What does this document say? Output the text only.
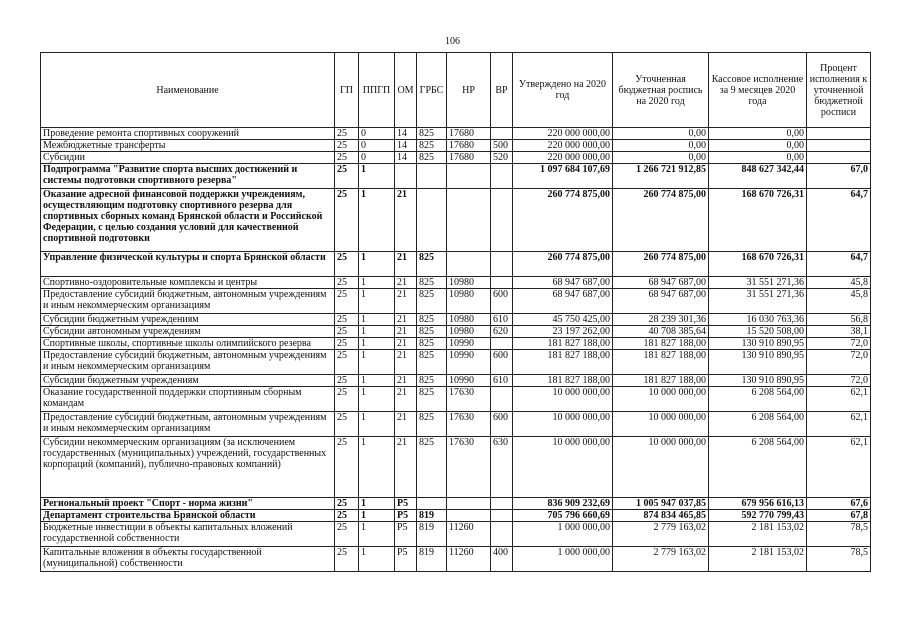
106
Наименование	ГП	ППГП	ОМ	ГРБС	НР	ВР	Утверждено на 2020 год	Уточненная бюджетная роспись на 2020 год	Кассовое исполнение за 9 месяцев 2020 года	Процент исполнения к уточненной бюджетной росписи
Проведение ремонта спортивных сооружений	25	0	14	825	17680		220 000 000,00	0,00	0,00	
Межбюджетные трансферты	25	0	14	825	17680	500	220 000 000,00	0,00	0,00	
Субсидии	25	0	14	825	17680	520	220 000 000,00	0,00	0,00	
Подпрограмма "Развитие спорта высших достижений и системы подготовки спортивного резерва"	25	1					1 097 684 107,69	1 266 721 912,85	848 627 342,44	67,0
Оказание адресной финансовой поддержки учреждениям, осуществляющим подготовку спортивного резерва для спортивных сборных команд Брянской области и Российской Федерации, с целью создания условий для качественной спортивной подготовки	25	1	21				260 774 875,00	260 774 875,00	168 670 726,31	64,7
Управление физической культуры и спорта Брянской области	25	1	21	825			260 774 875,00	260 774 875,00	168 670 726,31	64,7
Спортивно-оздоровительные комплексы и центры	25	1	21	825	10980		68 947 687,00	68 947 687,00	31 551 271,36	45,8
Предоставление субсидий бюджетным, автономным учреждениям и иным некоммерческим организациям	25	1	21	825	10980	600	68 947 687,00	68 947 687,00	31 551 271,36	45,8
Субсидии бюджетным учреждениям	25	1	21	825	10980	610	45 750 425,00	28 239 301,36	16 030 763,36	56,8
Субсидии автономным учреждениям	25	1	21	825	10980	620	23 197 262,00	40 708 385,64	15 520 508,00	38,1
Спортивные школы, спортивные школы олимпийского резерва	25	1	21	825	10990		181 827 188,00	181 827 188,00	130 910 890,95	72,0
Предоставление субсидий бюджетным, автономным учреждениям и иным некоммерческим организациям	25	1	21	825	10990	600	181 827 188,00	181 827 188,00	130 910 890,95	72,0
Субсидии бюджетным учреждениям	25	1	21	825	10990	610	181 827 188,00	181 827 188,00	130 910 890,95	72,0
Оказание государственной поддержки спортивным сборным командам	25	1	21	825	17630		10 000 000,00	10 000 000,00	6 208 564,00	62,1
Предоставление субсидий бюджетным, автономным учреждениям и иным некоммерческим организациям	25	1	21	825	17630	600	10 000 000,00	10 000 000,00	6 208 564,00	62,1
Субсидии некоммерческим организациям (за исключением государственных (муниципальных) учреждений, государственных корпораций (компаний), публично-правовых компаний)	25	1	21	825	17630	630	10 000 000,00	10 000 000,00	6 208 564,00	62,1
Региональный проект "Спорт - норма жизни"	25	1	P5				836 909 232,69	1 005 947 037,85	679 956 616,13	67,6
Департамент строительства Брянской области	25	1	P5	819			705 796 660,69	874 834 465,85	592 770 799,43	67,8
Бюджетные инвестиции в объекты капитальных вложений государственной собственности	25	1	P5	819	11260		1 000 000,00	2 779 163,02	2 181 153,02	78,5
Капитальные вложения в объекты государственной (муниципальной) собственности	25	1	P5	819	11260	400	1 000 000,00	2 779 163,02	2 181 153,02	78,5
